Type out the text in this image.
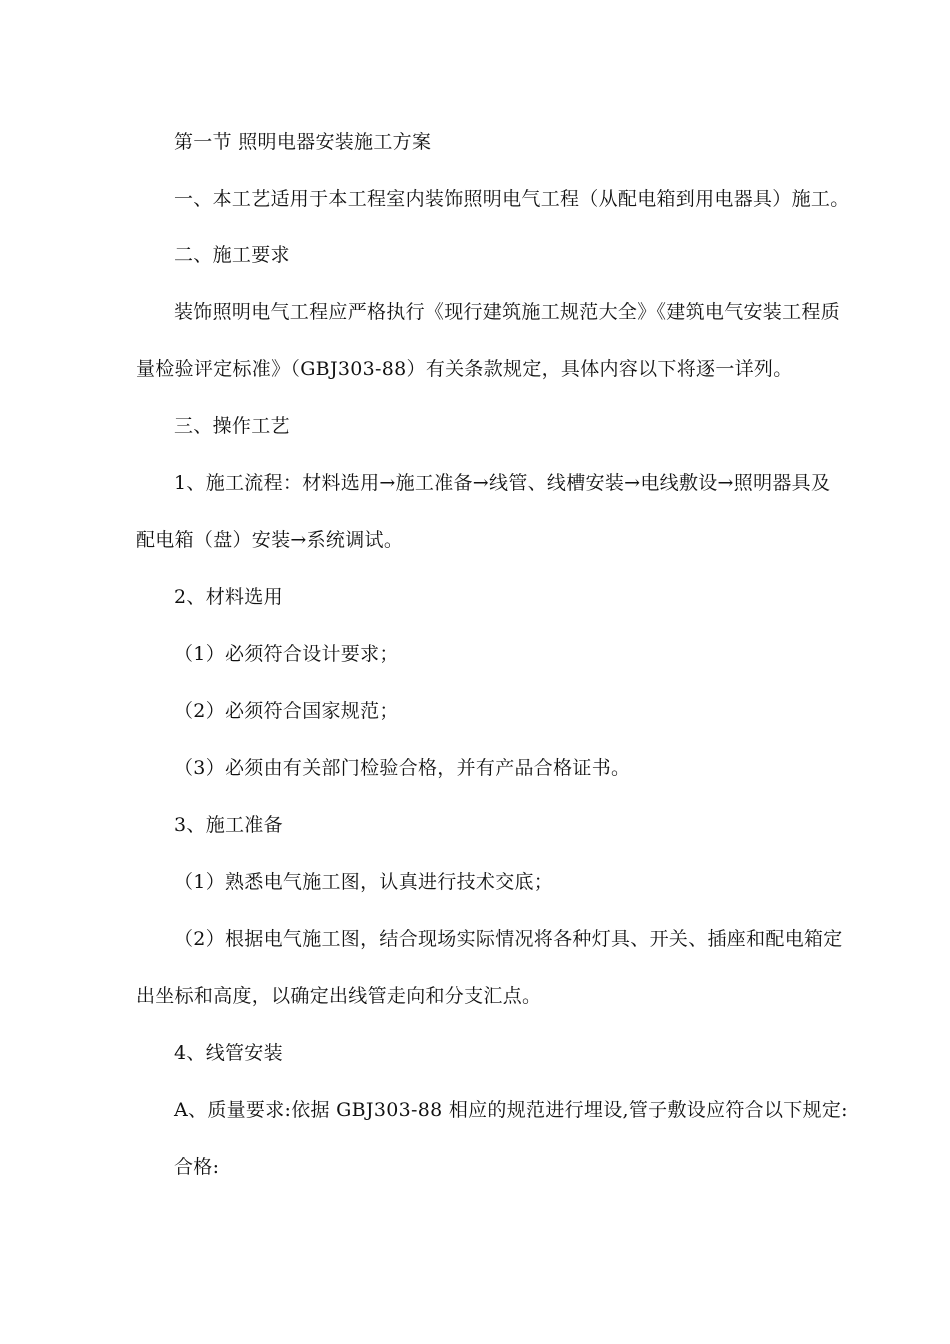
第一节 照明电器安装施工方案
一、本工艺适用于本工程室内装饰照明电气工程（从配电箱到用电器具）施工。
二、施工要求
装饰照明电气工程应严格执行《现行建筑施工规范大全》《建筑电气安装工程质
量检验评定标准》（GBJ303-88）有关条款规定，具体内容以下将逐一详列。
三、操作工艺
1、施工流程：材料选用→施工准备→线管、线槽安装→电线敷设→照明器具及
配电箱（盘）安装→系统调试。
2、材料选用
（1）必须符合设计要求；
（2）必须符合国家规范；
（3）必须由有关部门检验合格，并有产品合格证书。
3、施工准备
（1）熟悉电气施工图，认真进行技术交底；
（2）根据电气施工图，结合现场实际情况将各种灯具、开关、插座和配电箱定
出坐标和高度，以确定出线管走向和分支汇点。
4、线管安装
A、质量要求:依据 GBJ303-88 相应的规范进行埋设,管子敷设应符合以下规定:
合格:
